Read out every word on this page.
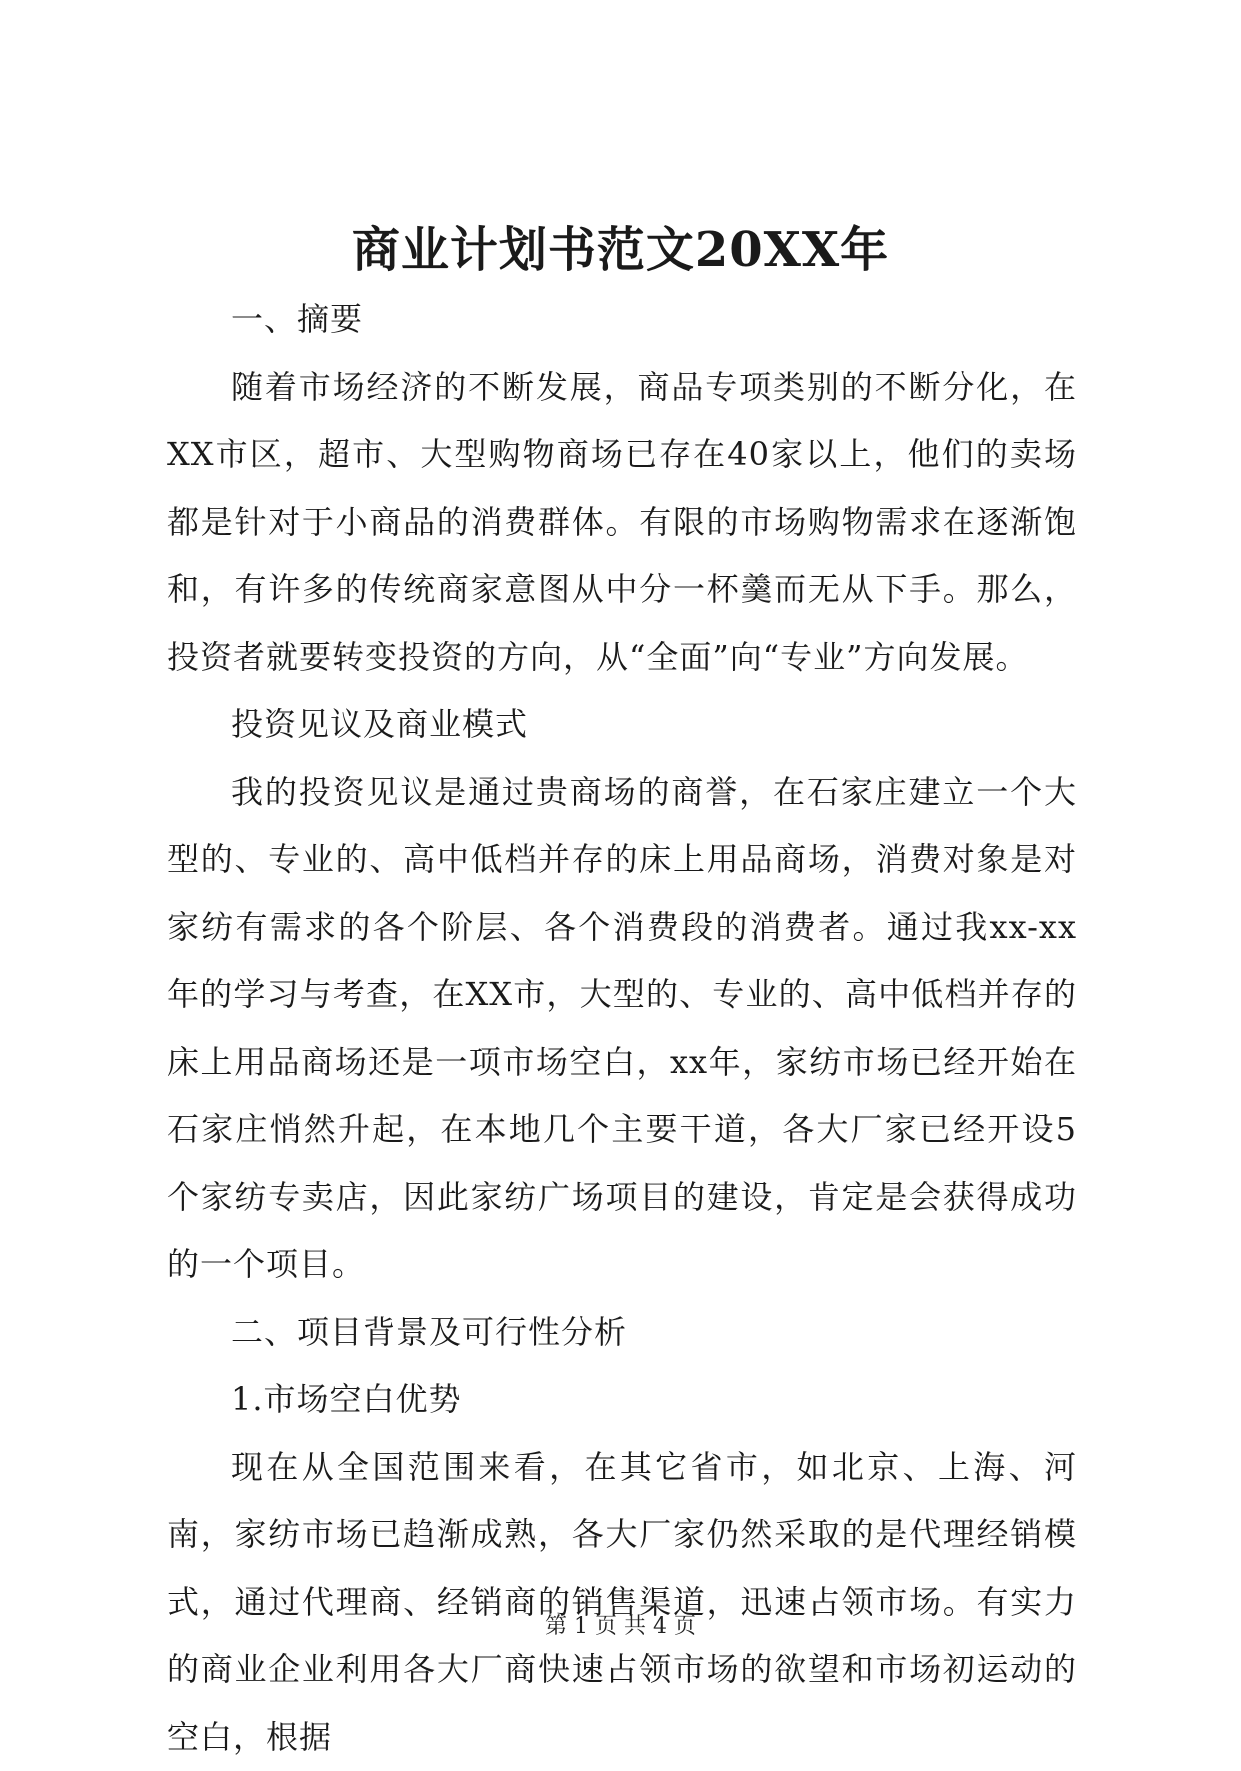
商业计划书范文20XX年

一、摘要

随着市场经济的不断发展，商品专项类别的不断分化，在XX市区，超市、大型购物商场已存在40家以上，他们的卖场都是针对于小商品的消费群体。有限的市场购物需求在逐渐饱和，有许多的传统商家意图从中分一杯羹而无从下手。那么，投资者就要转变投资的方向，从“全面”向“专业”方向发展。

投资见议及商业模式

我的投资见议是通过贵商场的商誉，在石家庄建立一个大型的、专业的、高中低档并存的床上用品商场，消费对象是对家纺有需求的各个阶层、各个消费段的消费者。通过我xx-xx年的学习与考查，在XX市，大型的、专业的、高中低档并存的床上用品商场还是一项市场空白，xx年，家纺市场已经开始在石家庄悄然升起，在本地几个主要干道，各大厂家已经开设5个家纺专卖店，因此家纺广场项目的建设，肯定是会获得成功的一个项目。

二、项目背景及可行性分析

1.市场空白优势

现在从全国范围来看，在其它省市，如北京、上海、河南，家纺市场已趋渐成熟，各大厂家仍然采取的是代理经销模式，通过代理商、经销商的销售渠道，迅速占领市场。有实力的商业企业利用各大厂商快速占领市场的欲望和市场初运动的空白，根据

第 1 页 共 4 页
